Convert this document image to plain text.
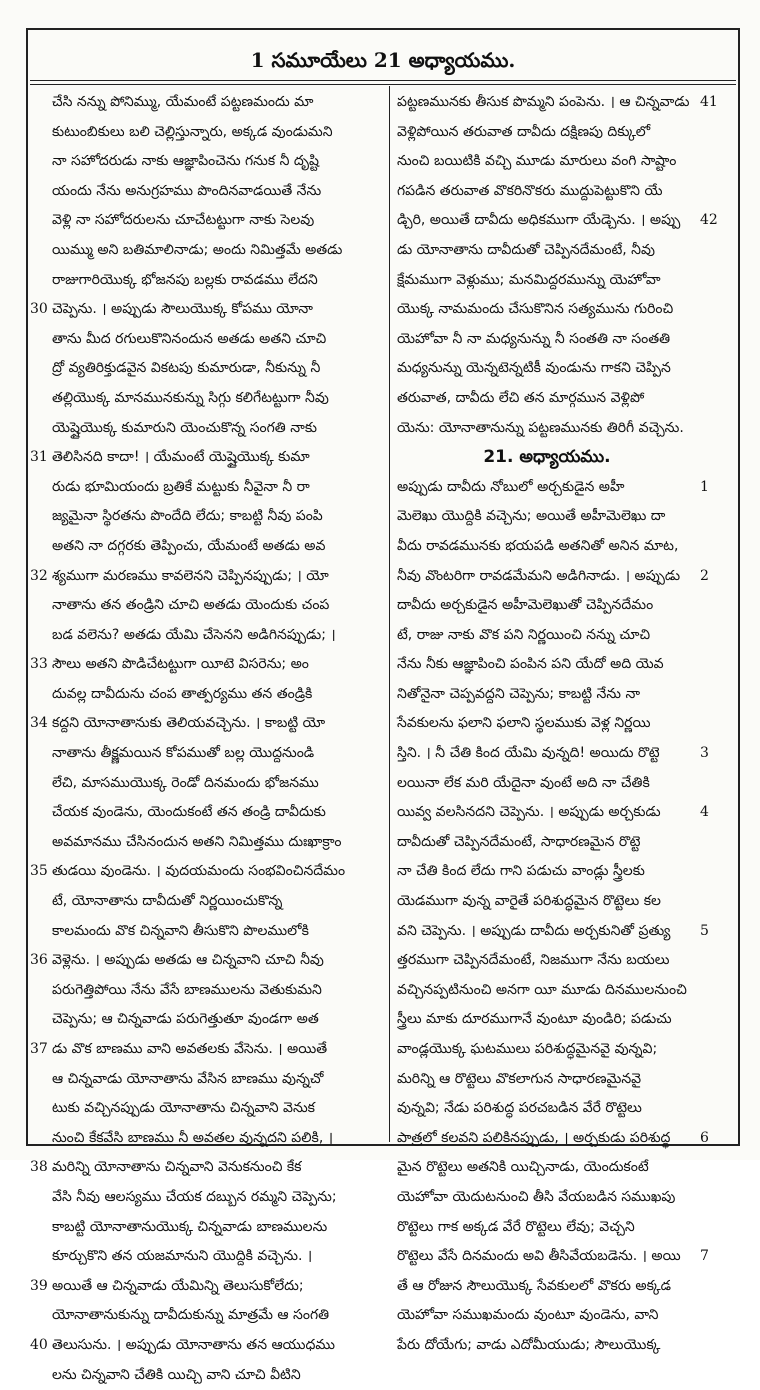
1 సమూయేలు 21 అధ్యాయము.
చేసి నన్ను పోనిమ్ము, యేమంటే పట్టణమందు మా
కుటుంబికులు బలి చెల్లిస్తున్నారు, అక్కడ వుండుమని
నా సహోదరుడు నాకు ఆజ్ఞాపించెను గనుక నీ దృష్టి
యందు నేను అనుగ్రహము పొందినవాడయితే నేను
వెళ్లి నా సహోదరులను చూచేటట్టుగా నాకు సెలవు
యిమ్ము అని బతిమాలినాడు; అందు నిమిత్తమే అతడు
రాజుగారియొక్క భోజనపు బల్లకు రావడము లేదని
30 చెప్పెను. । అప్పుడు సౌలుయొక్క కోపము యోనా
తాను మీద రగులుకొనినందున అతడు అతని చూచి
ద్రో వ్యతిరిక్తుడవైన వికటపు కుమారుడా, నీకున్ను నీ
తల్లియొక్క మానమునకున్ను సిగ్గు కలిగేటట్టుగా నీవు
యెష్షైయొక్క కుమారుని యెంచుకొన్న సంగతి నాకు
31 తెలిసినది కాదా! । యేమంటే యెష్షైయొక్క కుమా
రుడు భూమియందు బ్రతికే మట్టుకు నీవైనా నీ రా
జ్యమైనా స్థిరతను పొందేది లేదు; కాబట్టి నీవు పంపి
అతని నా దగ్గరకు తెప్పించు, యేమంటే అతడు అవ
32 శ్యముగా మరణము కావలెనని చెప్పినప్పుడు; । యో
నాతాను తన తండ్రిని చూచి అతడు యెందుకు చంప
బడ వలెను? అతడు యేమి చేసెనని అడిగినప్పుడు; ।
33 సౌలు అతని పొడిచేటట్టుగా యీటె విసరెను; అం
దువల్ల దావీదును చంప తాత్పర్యము తన తండ్రికి
34 కద్దని యోనాతానుకు తెలియవచ్చెను. । కాబట్టి యో
నాతాను తీక్ష్ణమయిన కోపముతో బల్ల యొద్దనుండి
లేచి, మాసముయొక్క రెండో దినమందు భోజనము
చేయక వుండెను, యెందుకంటే తన తండ్రి దావీదుకు
అవమానము చేసినందున అతని నిమిత్తము దుఃఖాక్రాం
35 తుడయి వుండెను. । వుదయమందు సంభవించినదేమం
టే, యోనాతాను దావీదుతో నిర్ణయించుకొన్న
కాలమందు వొక చిన్నవాని తీసుకొని పొలములోకి
36 వెళ్లెను. । అప్పుడు అతడు ఆ చిన్నవాని చూచి నీవు
పరుగెత్తిపోయి నేను వేసే బాణములను వెతుకుమని
చెప్పెను; ఆ చిన్నవాడు పరుగెత్తుతూ వుండగా అత
37 డు వొక బాణము వాని అవతలకు వేసెను. । అయితే
ఆ చిన్నవాడు యోనాతాను వేసిన బాణము వున్నచో
టుకు వచ్చినప్పుడు యోనాతాను చిన్నవాని వెనుక
నుంచి కేకవేసి బాణము నీ అవతల వున్నదని పలికి, ।
38 మరిన్ని యోనాతాను చిన్నవాని వెనుకనుంచి కేక
వేసి నీవు ఆలస్యము చేయక దబ్బున రమ్మని చెప్పెను;
కాబట్టి యోనాతానుయొక్క చిన్నవాడు బాణములను
కూర్చుకొని తన యజమానుని యొద్దికి వచ్చెను. ।
39 అయితే ఆ చిన్నవాడు యేమిన్ని తెలుసుకోలేదు;
యోనాతానుకున్ను దావీదుకున్ను మాత్రమే ఆ సంగతి
40 తెలుసును. । అప్పుడు యోనాతాను తన ఆయుధము
లను చిన్నవాని చేతికి యిచ్చి వాని చూచి వీటిని
పట్టణమునకు తీసుక పొమ్మని పంపెను. । ఆ చిన్నవాడు 41
వెళ్లిపోయిన తరువాత దావీదు దక్షిణపు దిక్కులో
నుంచి బయిటికి వచ్చి మూడు మారులు వంగి సాష్టాం
గపడిన తరువాత వొకరినొకరు ముద్దుపెట్టుకొని యే
డ్చిరి, అయితే దావీదు అధికముగా యేడ్చెను. । అప్పు 42
డు యోనాతాను దావీదుతో చెప్పినదేమంటే, నీవు
క్షేమముగా వెళ్లుము; మనమిద్దరమున్ను యెహోవా
యొక్క నామమందు చేసుకొనిన సత్యమును గురించి
యెహోవా నీ నా మధ్యనున్ను నీ సంతతి నా సంతతి
మధ్యనున్ను యెన్నటెన్నటికీ వుండును గాకని చెప్పిన
తరువాత, దావీదు లేచి తన మార్గమున వెళ్లిపో
యెను: యోనాతానున్ను పట్టణమునకు తిరిగీ వచ్చెను.
21. అధ్యాయము.
అప్పుడు దావీదు నోబులో అర్చకుడైన అహీ	1
మెలెఖు యొద్దికి వచ్చెను; అయితే అహీమెలెఖు దా
వీదు రావడమునకు భయపడి అతనితో అనిన మాట,
నీవు వొంటరిగా రావడమేమని అడిగినాడు. । అప్పుడు 2
దావీదు అర్చకుడైన అహీమెలెఖుతో చెప్పినదేమం
టే, రాజు నాకు వొక పని నిర్ణయించి నన్ను చూచి
నేను నీకు ఆజ్ఞాపించి పంపిన పని యేదో అది యెవ
నితోనైనా చెప్పవద్దని చెప్పెను; కాబట్టి నేను నా
సేవకులను ఫలాని ఫలాని స్థలముకు వెళ్ల నిర్ణయి
స్తిని. । నీ చేతి కింద యేమి వున్నది! అయిదు రొట్టె	3
లయినా లేక మరి యేదైనా వుంటే అది నా చేతికి
యివ్వ వలసినదని చెప్పెను. । అప్పుడు అర్చకుడు	4
దావీదుతో చెప్పినదేమంటే, సాధారణమైన రొట్టె
నా చేతి కింద లేదు గాని పడుచు వాండ్లు స్త్రీలకు
యెడముగా వున్న వారైతే పరిశుద్ధమైన రొట్టెలు కల
వని చెప్పెను. । అప్పుడు దావీదు అర్చకునితో ప్రత్యు 5
త్తరముగా చెప్పినదేమంటే, నిజముగా నేను బయలు
వచ్చినప్పటినుంచి అనగా యీ మూడు దినములనుంచి
స్త్రీలు మాకు దూరముగానే వుంటూ వుండిరి; పడుచు
వాండ్లయొక్క ఘటములు పరిశుద్ధమైనవై వున్నవి;
మరిన్ని ఆ రొట్టెలు వొకలాగున సాధారణమైనవై
వున్నవి; నేడు పరిశుద్ధ పరచబడిన వేరే రొట్టెలు
పాత్రలో కలవని పలికినప్పుడు, । అర్చకుడు పరిశుద్ధ 6
మైన రొట్టెలు అతనికి యిచ్చినాడు, యెందుకంటే
యెహోవా యెదుటనుంచి తీసి వేయబడిన సముఖపు
రొట్టెలు గాక అక్కడ వేరే రొట్టెలు లేవు; వెచ్చని
రొట్టెలు వేసే దినమందు అవి తీసివేయబడెను. । అయి 7
తే ఆ రోజున సౌలుయొక్క సేవకులలో వొకరు అక్కడ
యెహోవా సముఖమందు వుంటూ వుండెను, వాని
పేరు దోయేగు; వాడు ఎదోమీయుడు; సౌలుయొక్క
